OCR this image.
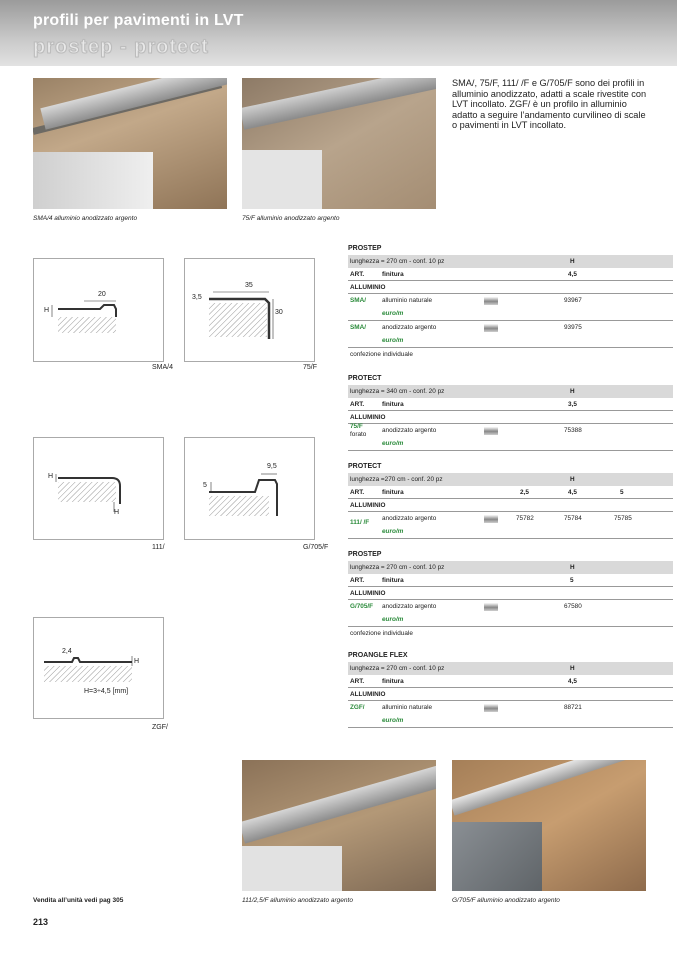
profili per pavimenti in LVT
prostep - protect
SMA/4 alluminio anodizzato argento	75/F alluminio anodizzato argento
SMA/, 75/F, 111/ /F e G/705/F sono dei profili in alluminio anodizzato, adatti a scale rivestite con LVT incollato. ZGF/ è un profilo in alluminio adatto a seguire l’andamento curvilineo di scale o pavimenti in LVT incollato.
20
H
SMA/4
35
3,5
30
75/F
H
H
111/
9,5
5
G/705/F
2,4
H
H=3÷4,5 [mm]
ZGF/
PROSTEP
lunghezza = 270 cm - conf. 10 pz	H
ART.	finitura	4,5
ALLUMINIO
SMA/	alluminio naturale	93967
euro/m
SMA/	anodizzato argento	93975
euro/m
confezione individuale
PROTECT
lunghezza = 340 cm - conf. 20 pz	H
ART.	finitura	3,5
ALLUMINIO
75/F
forato
anodizzato argento	75388
euro/m
PROTECT
lunghezza =270 cm - conf. 20 pz	H
ART.	finitura	2,5	4,5	5
ALLUMINIO
111/ /F
anodizzato argento	75782	75784	75785
euro/m
PROSTEP
lunghezza = 270 cm - conf. 10 pz	H
ART.	finitura	5
ALLUMINIO
G/705/F anodizzato argento	67580
euro/m
confezione individuale
PROANGLE FLEX
lunghezza = 270 cm - conf. 10 pz	H
ART.	finitura	4,5
ALLUMINIO
ZGF/	alluminio naturale	88721
euro/m
111/2,5/F alluminio anodizzato argento	G/705/F alluminio anodizzato argento
Vendita all’unità vedi pag 305
213
